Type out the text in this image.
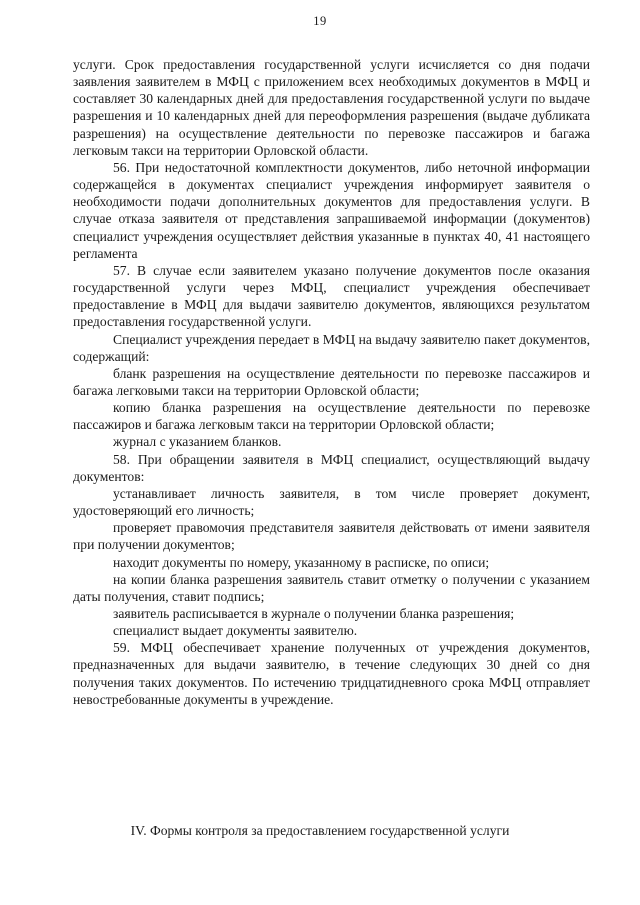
19

услуги. Срок предоставления государственной услуги исчисляется со дня подачи заявления заявителем в МФЦ с приложением всех необходимых документов в МФЦ и составляет 30 календарных дней для предоставления государственной услуги по выдаче разрешения и 10 календарных дней для переоформления разрешения (выдаче дубликата разрешения) на осуществление деятельности по перевозке пассажиров и багажа легковым такси на территории Орловской области.

56. При недостаточной комплектности документов, либо неточной информации содержащейся в документах специалист учреждения информирует заявителя о необходимости подачи дополнительных документов для предоставления услуги. В случае отказа заявителя от представления запрашиваемой информации (документов) специалист учреждения осуществляет действия указанные в пунктах 40, 41 настоящего регламента

57. В случае если заявителем указано получение документов после оказания государственной услуги через МФЦ, специалист учреждения обеспечивает предоставление в МФЦ для выдачи заявителю документов, являющихся результатом предоставления государственной услуги.

Специалист учреждения передает в МФЦ на выдачу заявителю пакет документов, содержащий:

бланк разрешения на осуществление деятельности по перевозке пассажиров и багажа легковыми такси на территории Орловской области;

копию бланка разрешения на осуществление деятельности по перевозке пассажиров и багажа легковым такси на территории Орловской области;

журнал с указанием бланков.

58. При обращении заявителя в МФЦ специалист, осуществляющий выдачу документов:

устанавливает личность заявителя, в том числе проверяет документ, удостоверяющий его личность;

проверяет правомочия представителя заявителя действовать от имени заявителя при получении документов;

находит документы по номеру, указанному в расписке, по описи;

на копии бланка разрешения заявитель ставит отметку о получении с указанием даты получения, ставит подпись;

заявитель расписывается в журнале о получении бланка разрешения;

специалист выдает документы заявителю.

59. МФЦ обеспечивает хранение полученных от учреждения документов, предназначенных для выдачи заявителю, в течение следующих 30 дней со дня получения таких документов. По истечению тридцатидневного срока МФЦ отправляет невостребованные документы в учреждение.

IV. Формы контроля за предоставлением государственной услуги
